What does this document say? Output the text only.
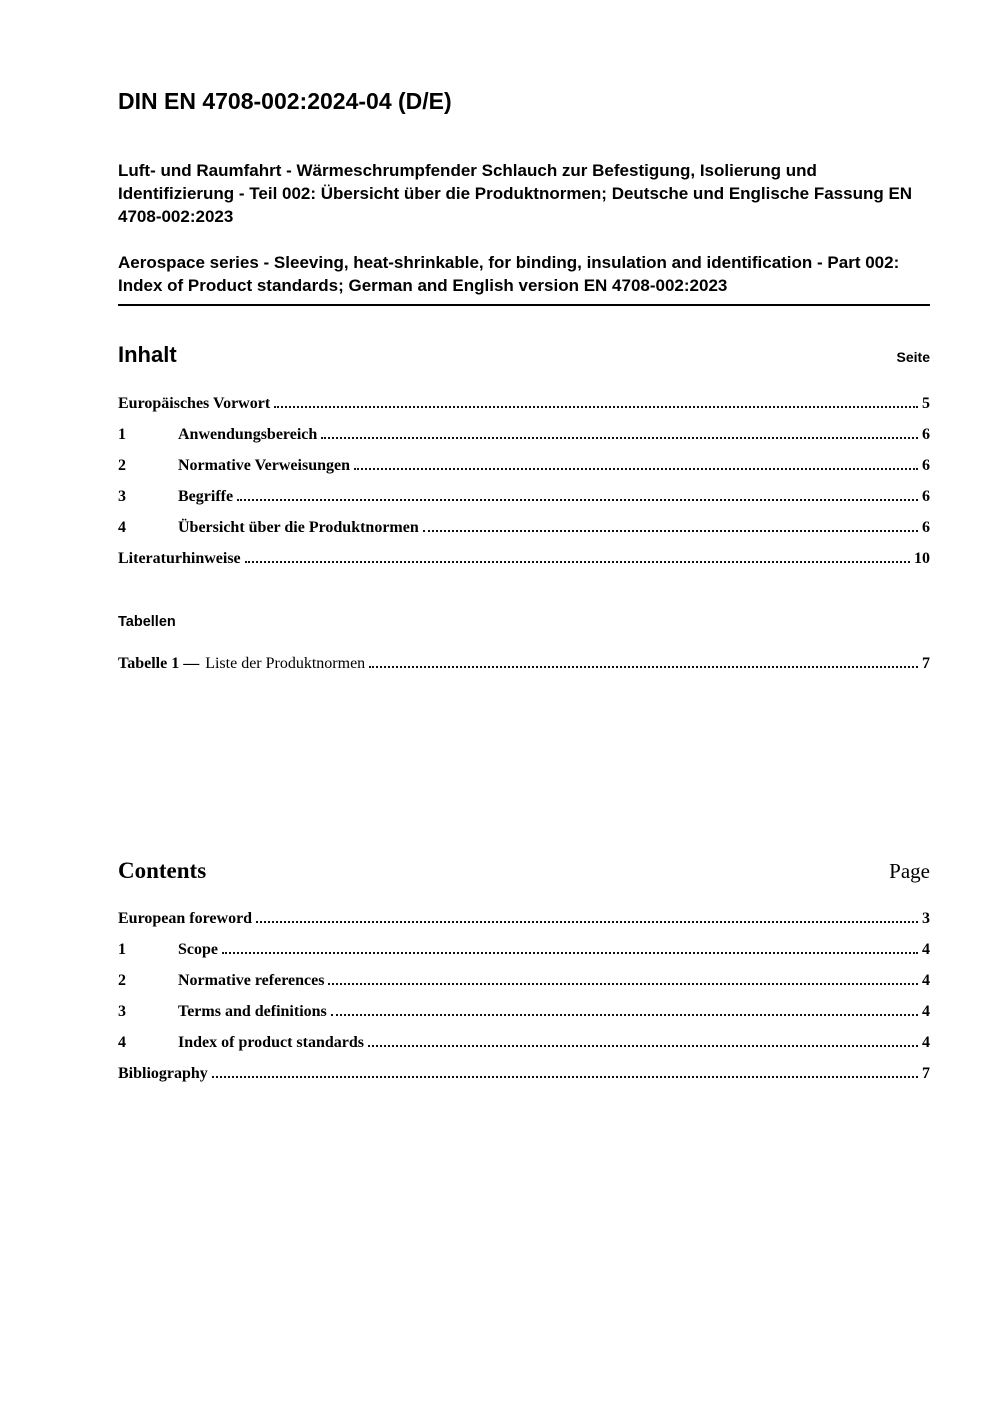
DIN EN 4708-002:2024-04 (D/E)

Luft- und Raumfahrt - Wärmeschrumpfender Schlauch zur Befestigung, Isolierung und Identifizierung - Teil 002: Übersicht über die Produktnormen; Deutsche und Englische Fassung EN 4708-002:2023

Aerospace series - Sleeving, heat-shrinkable, for binding, insulation and identification - Part 002: Index of Product standards; German and English version EN 4708-002:2023

Inhalt	Seite
Europäisches Vorwort	5
1	Anwendungsbereich	6
2	Normative Verweisungen	6
3	Begriffe	6
4	Übersicht über die Produktnormen	6
Literaturhinweise	10
Tabellen
Tabelle 1 — Liste der Produktnormen	7
Contents	Page
European foreword	3
1	Scope	4
2	Normative references	4
3	Terms and definitions	4
4	Index of product standards	4
Bibliography	7
